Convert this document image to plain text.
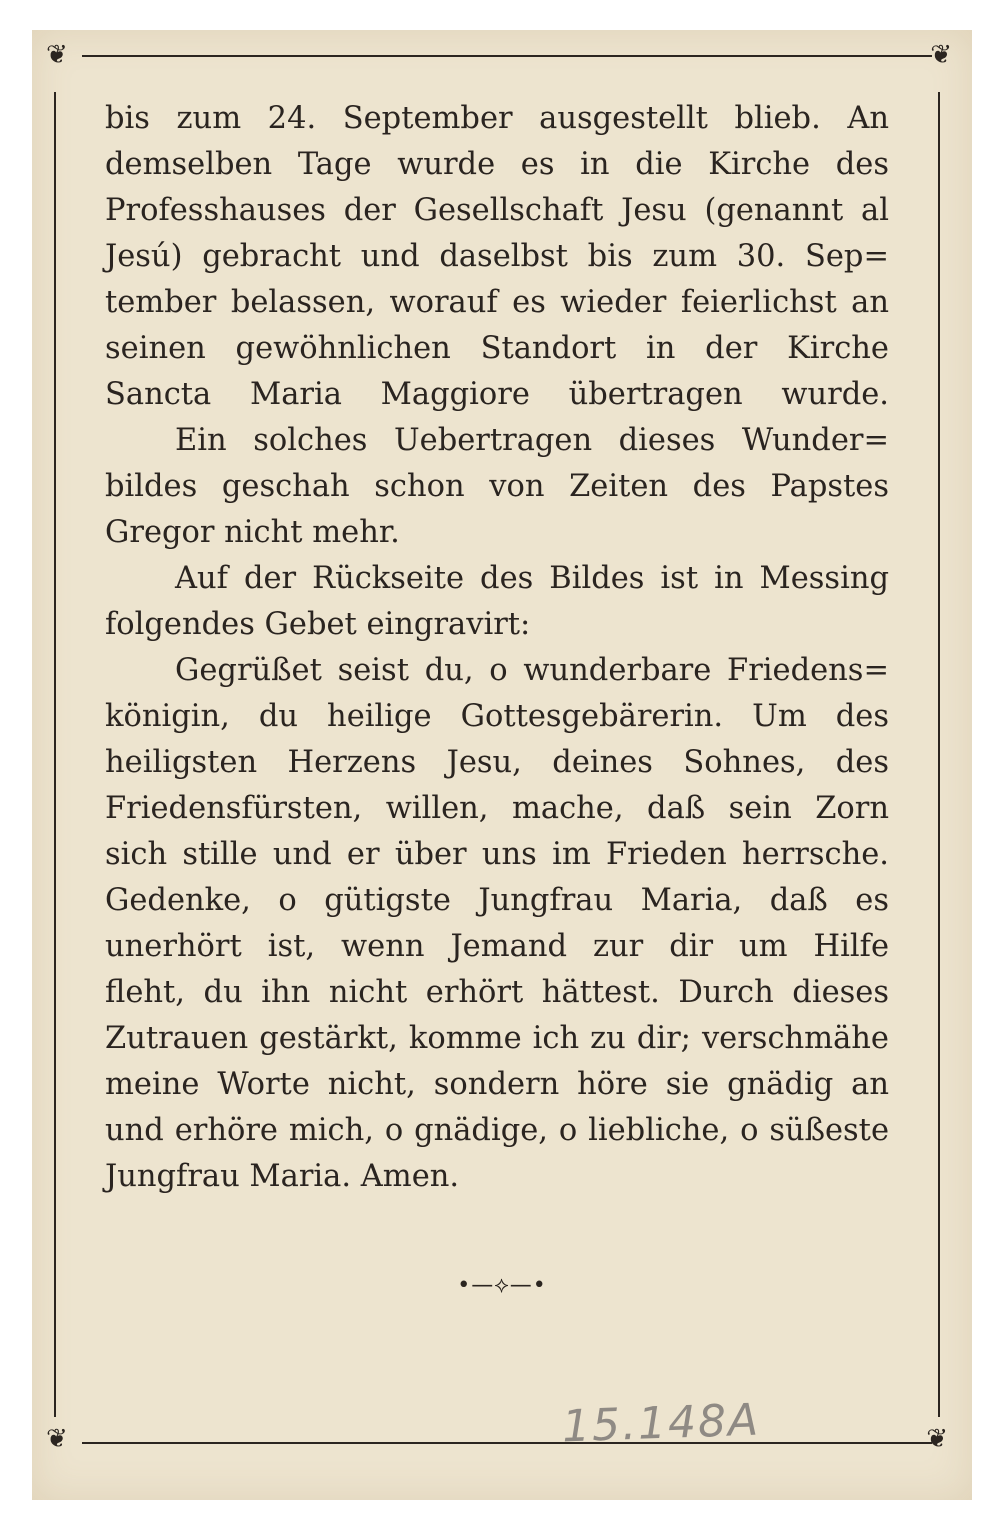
❦	❦
❦	❦
bis zum 24. September ausgestellt blieb. An
demselben Tage wurde es in die Kirche des
Professhauses der Gesellschaft Jesu (genannt al
Jesú) gebracht und daselbst bis zum 30. Sep=
tember belassen, worauf es wieder feierlichst an
seinen gewöhnlichen Standort in der Kirche
Sancta Maria Maggiore übertragen wurde.
Ein solches Uebertragen dieses Wunder=
bildes geschah schon von Zeiten des Papstes
Gregor nicht mehr.
Auf der Rückseite des Bildes ist in Messing
folgendes Gebet eingravirt:
Gegrüßet seist du, o wunderbare Friedens=
königin, du heilige Gottesgebärerin. Um des
heiligsten Herzens Jesu, deines Sohnes, des
Friedensfürsten, willen, mache, daß sein Zorn
sich stille und er über uns im Frieden herrsche.
Gedenke, o gütigste Jungfrau Maria, daß es
unerhört ist, wenn Jemand zur dir um Hilfe
fleht, du ihn nicht erhört hättest. Durch dieses
Zutrauen gestärkt, komme ich zu dir; verschmähe
meine Worte nicht, sondern höre sie gnädig an
und erhöre mich, o gnädige, o liebliche, o süßeste
Jungfrau Maria. Amen.
•—⟡—•
15.148A
